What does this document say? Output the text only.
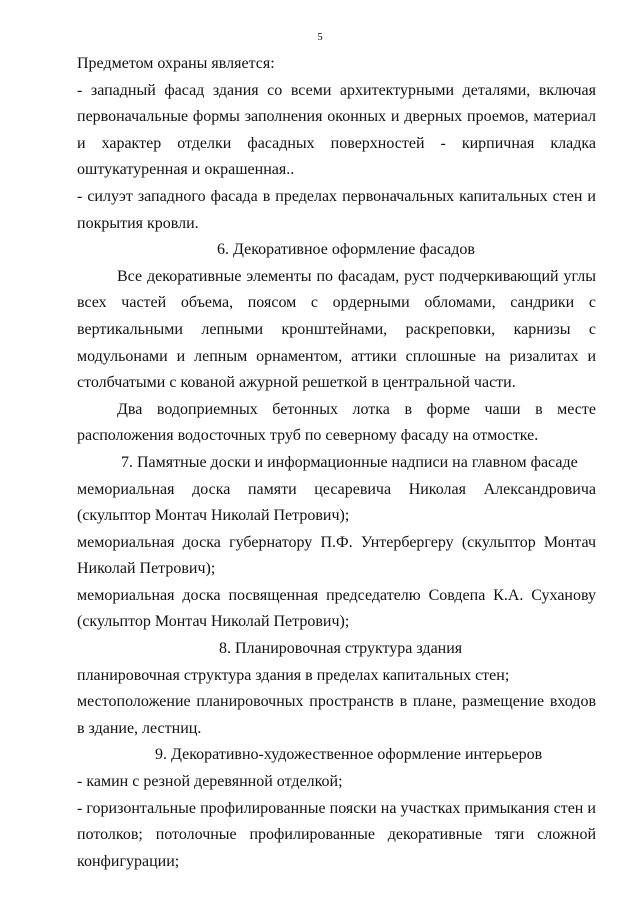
5

Предметом охраны является:

- западный фасад здания со всеми архитектурными деталями, включая первоначальные формы заполнения оконных и дверных проемов, материал и характер отделки фасадных поверхностей - кирпичная кладка оштукатуренная и окрашенная..

- силуэт западного фасада в пределах первоначальных капитальных стен и покрытия кровли.

6. Декоративное оформление фасадов

Все декоративные элементы по фасадам, руст подчеркивающий углы всех частей объема, поясом с ордерными обломами, сандрики с вертикальными лепными кронштейнами, раскреповки, карнизы с модульонами и лепным орнаментом, аттики сплошные на ризалитах и столбчатыми с кованой ажурной решеткой в центральной части.

Два водоприемных бетонных лотка в форме чаши в месте расположения водосточных труб по северному фасаду на отмостке.

7. Памятные доски и информационные надписи на главном фасаде

мемориальная доска памяти цесаревича Николая Александровича (скульптор Монтач Николай Петрович);

мемориальная доска губернатору П.Ф. Унтербергеру (скульптор Монтач Николай Петрович);

мемориальная доска посвященная председателю Совдепа К.А. Суханову (скульптор Монтач Николай Петрович);

8. Планировочная структура здания

планировочная структура здания в пределах капитальных стен;

местоположение планировочных пространств в плане, размещение входов в здание, лестниц.

9. Декоративно-художественное оформление интерьеров

- камин с резной деревянной отделкой;

- горизонтальные профилированные пояски на участках примыкания стен и потолков; потолочные профилированные декоративные тяги сложной конфигурации;
